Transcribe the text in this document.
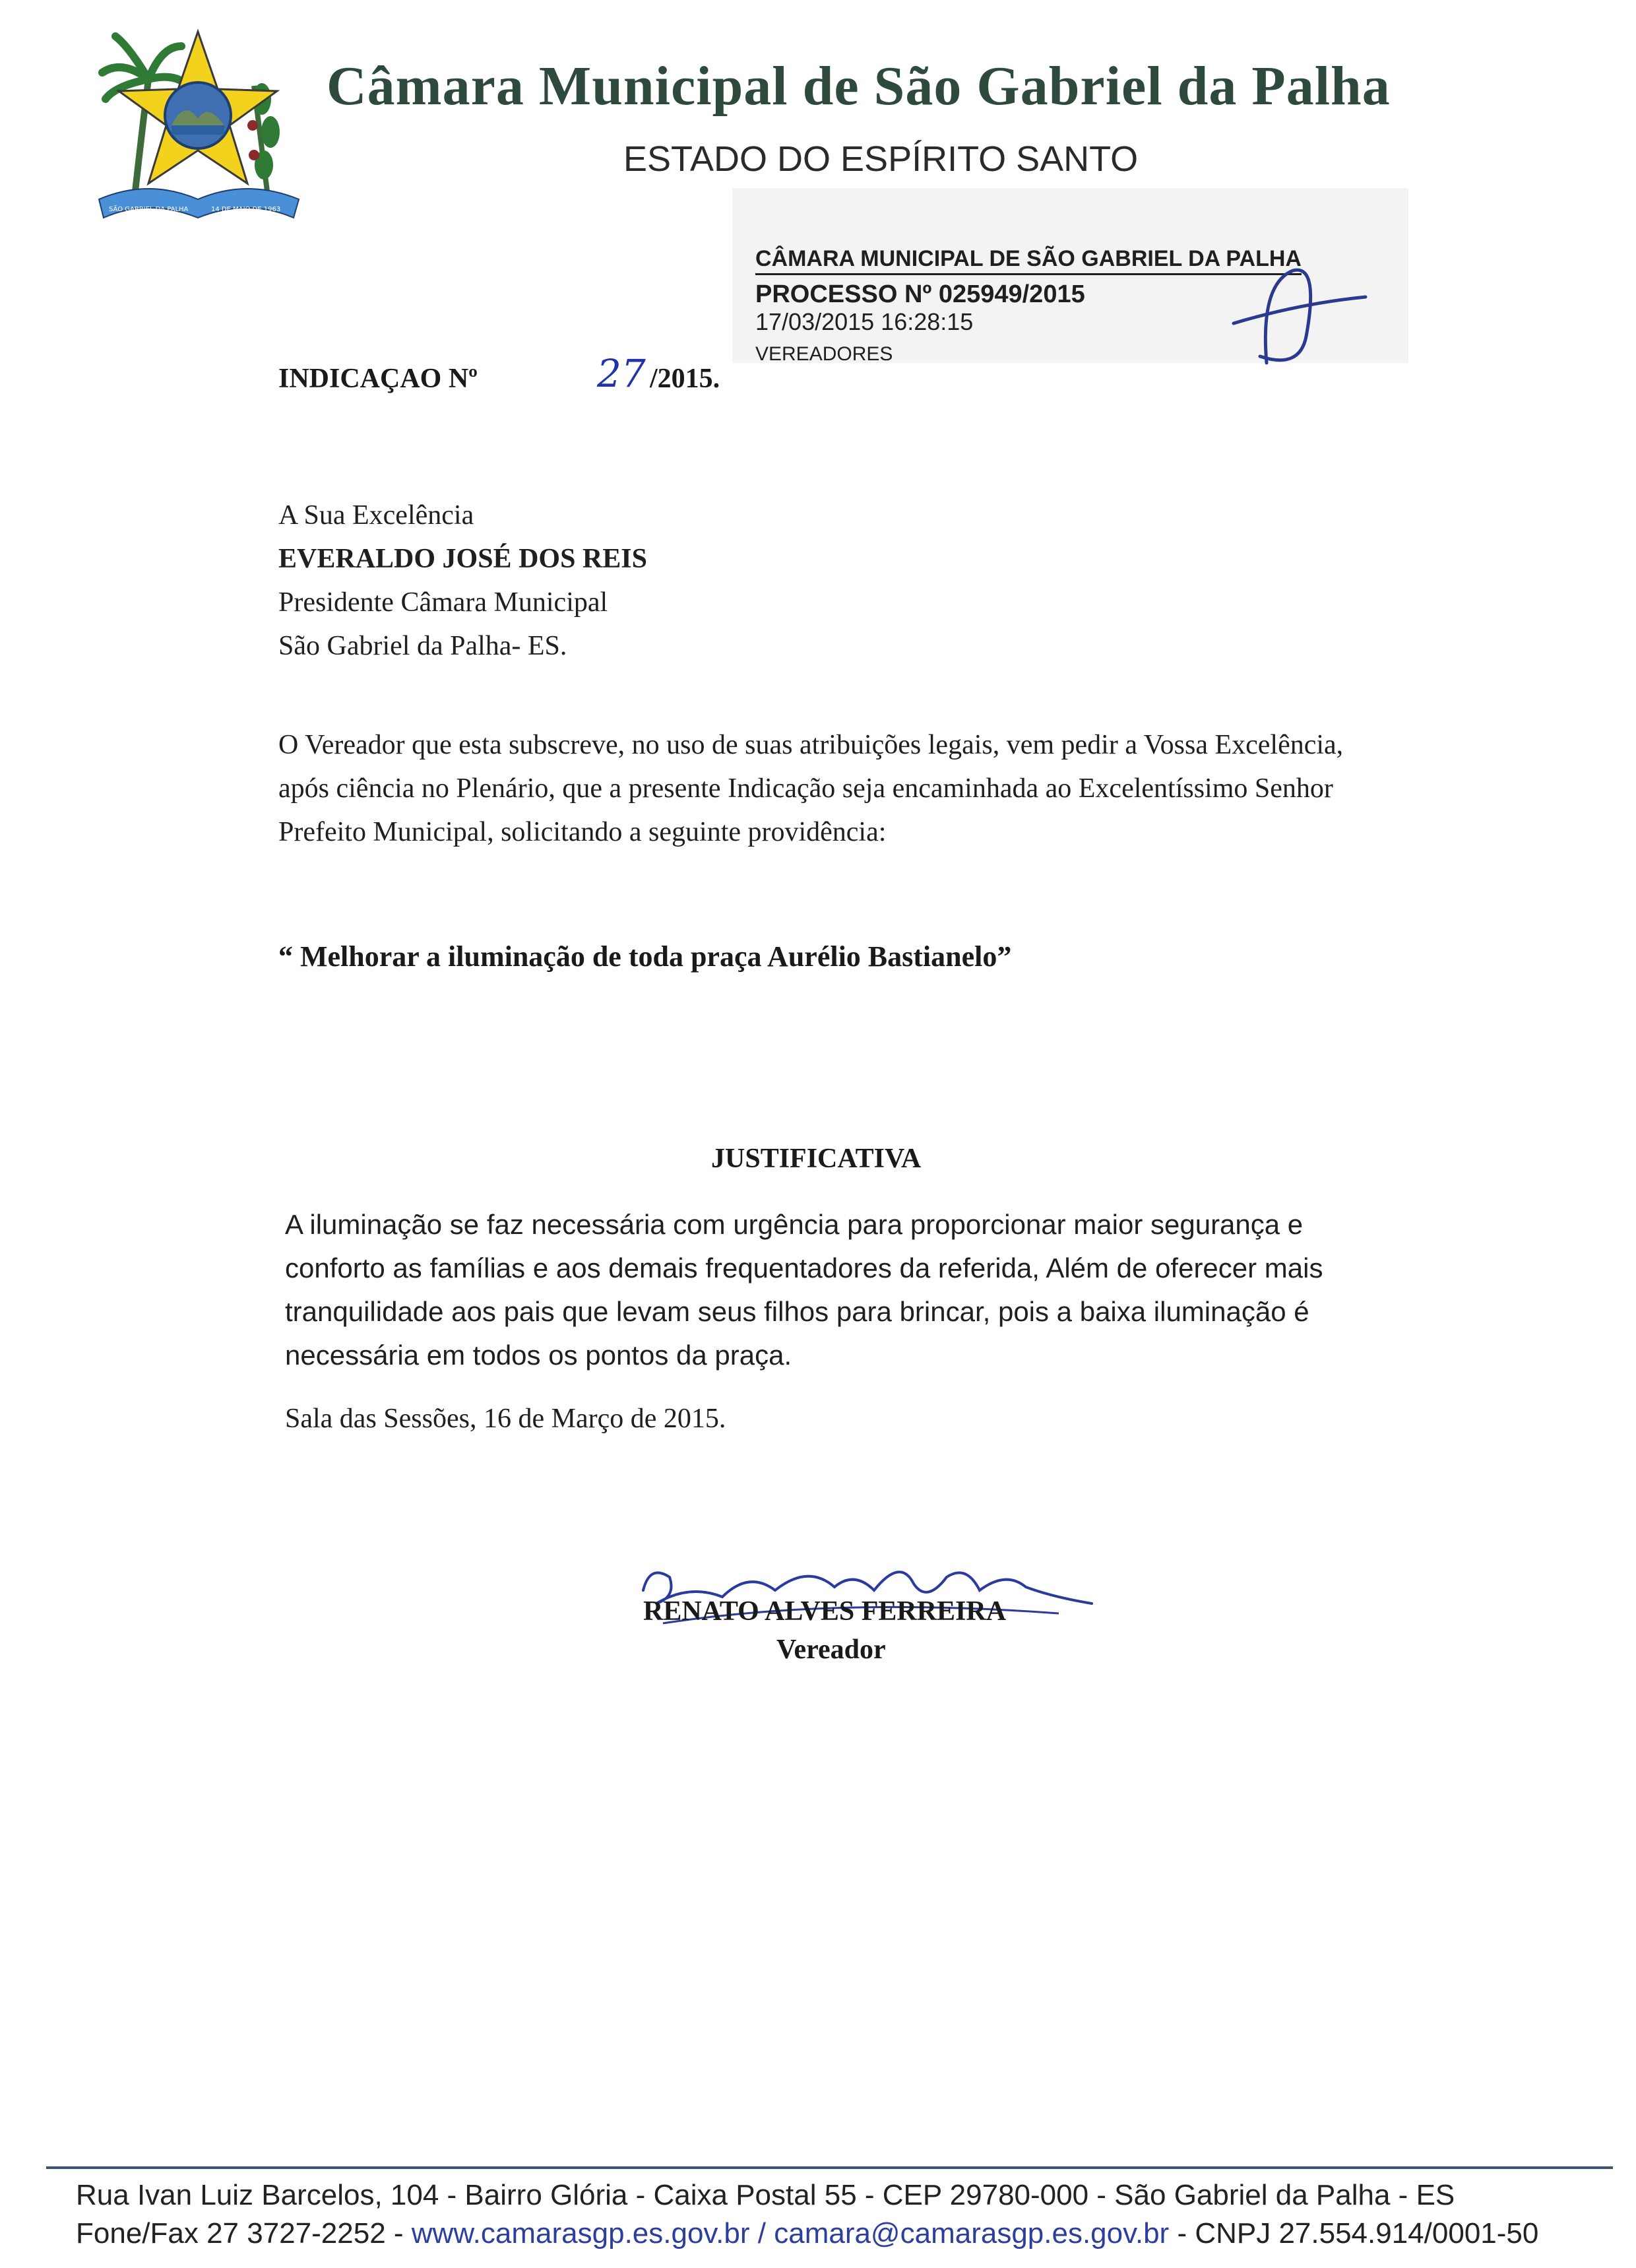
SÃO GABRIEL DA PALHA	14 DE MAIO DE 1963
Câmara Municipal de São Gabriel da Palha
ESTADO DO ESPÍRITO SANTO
CÂMARA MUNICIPAL DE SÃO GABRIEL DA PALHA
PROCESSO Nº 025949/2015
17/03/2015 16:28:15
VEREADORES
INDICAÇAO Nº	27 /2015.
A Sua Excelência
EVERALDO JOSÉ DOS REIS
Presidente Câmara Municipal
São Gabriel da Palha- ES.
O Vereador que esta subscreve, no uso de suas atribuições legais, vem pedir a Vossa Excelência, após ciência no Plenário, que a presente Indicação seja encaminhada ao Excelentíssimo Senhor Prefeito Municipal, solicitando a seguinte providência:
“ Melhorar a iluminação de toda praça Aurélio Bastianelo”
JUSTIFICATIVA
A iluminação se faz necessária com urgência para proporcionar maior segurança e conforto as famílias e aos demais frequentadores da referida, Além de oferecer mais tranquilidade aos pais que levam seus filhos para brincar, pois a baixa iluminação é necessária em todos os pontos da praça.
Sala das Sessões, 16 de Março de 2015.
RENATO ALVES FERREIRA
Vereador
Rua Ivan Luiz Barcelos, 104 - Bairro Glória - Caixa Postal 55 - CEP 29780-000 - São Gabriel da Palha - ES
Fone/Fax 27 3727-2252 - www.camarasgp.es.gov.br / camara@camarasgp.es.gov.br - CNPJ 27.554.914/0001-50
